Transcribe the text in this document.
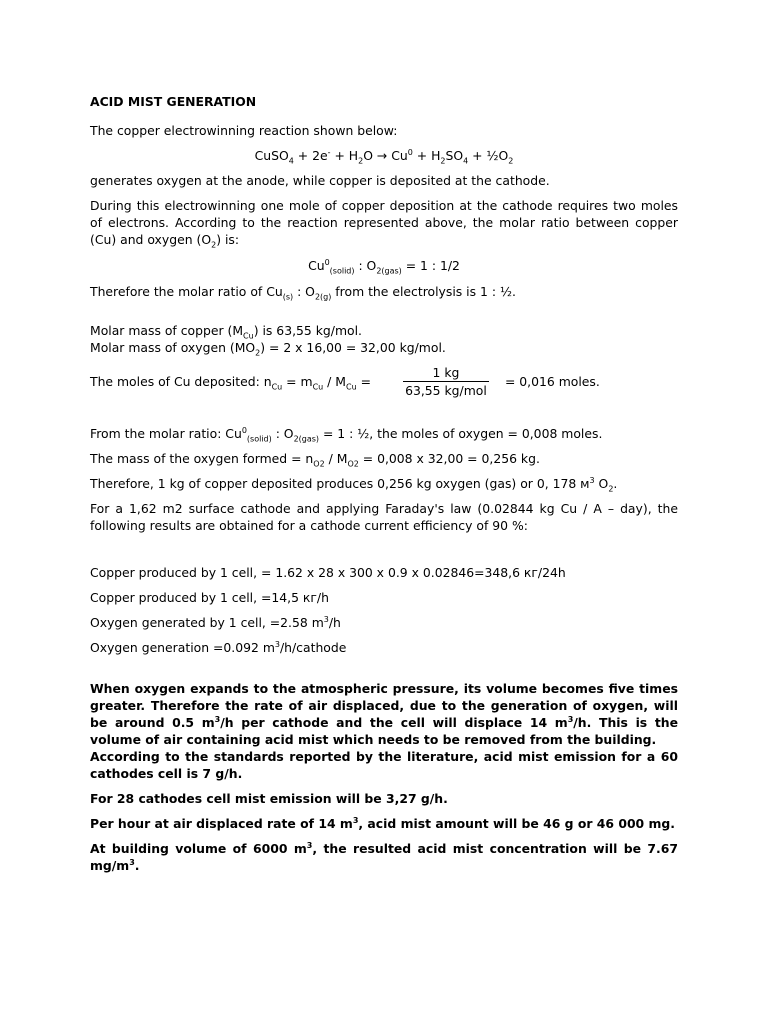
ACID MIST GENERATION

The copper electrowinning reaction shown below:

CuSO$_4$ + $2e^- + H_2O \to Cu^0 + H_2SO_4$ + $\frac{1}{2}O_2$

generates oxygen at the anode, while copper is deposited at the cathode.

During this electrowinning one mole of copper deposition at the cathode requires two moles of electrons. According to the reaction represented above, the molar ratio between copper (Cu) and oxygen $(O_2)$ is:

$Cu^0_{(solid)}$ : $O_{2(gas)} = 1$ : 1/2

Therefore the molar ratio of $Cu_{(s)}$ : $O_{2(g)}$ from the electrolysis is 1 : ½.

Molar mass of copper $(M_{Cu})$ is 63,55 kg/mol.

Molar mass of oxygen $(MO_2) = 2$ x 16,00 = 32,00 kg/mol.

The moles of Cu deposited: $n_{Cu} = m_{Cu} / M_{Cu}$ =	$\frac{1 kg}{\text{63,55 kg/mol}} = 0,016$ moles.

From the molar ratio: $Cu^0_{(solid)}$ : $O_{2(gas)} = 1$ : ½, the moles of oxygen = 0,008 moles.

The mass of the oxygen formed = $n_{O2} / M_{O2} = 0,008$ x 32,00 = 0,256 kg.

Therefore, 1 kg of copper deposited produces 0,256 kg oxygen (gas) or 0, 178 $м^3$ $O_2$.

For a 1,62 m2 surface cathode and applying Faraday's law (0.02844 kg Cu / A – day), the following results are obtained for a cathode current efficiency of 90 %:

Copper produced by 1 cell, = 1.62 x 28 x 300 x 0.9 x 0.02846=348,6 кг/24h

Copper produced by 1 cell, =14,5 кг/h

Oxygen generated by 1 cell, =2.58 $m^3/h$

Oxygen generation =0.092 $m^3/h$/cathode

When oxygen expands to the atmospheric pressure, its volume becomes five times greater. Therefore the rate of air displaced, due to the generation of oxygen, will be around 0.5 $m^3/h$ per cathode and the cell will displace 14 $m^3/h$. This is the volume of air containing acid mist which needs to be removed from the building.

According to the standards reported by the literature, acid mist emission for a 60 cathodes cell is 7 g/h.

For 28 cathodes cell mist emission will be 3,27 g/h.

Per hour at air displaced rate of 14 $m^3$, acid mist amount will be 46 g or 46 000 mg.

At building volume of 6000 $m^3$, the resulted acid mist concentration will be 7.67 $mg/m^3$.
